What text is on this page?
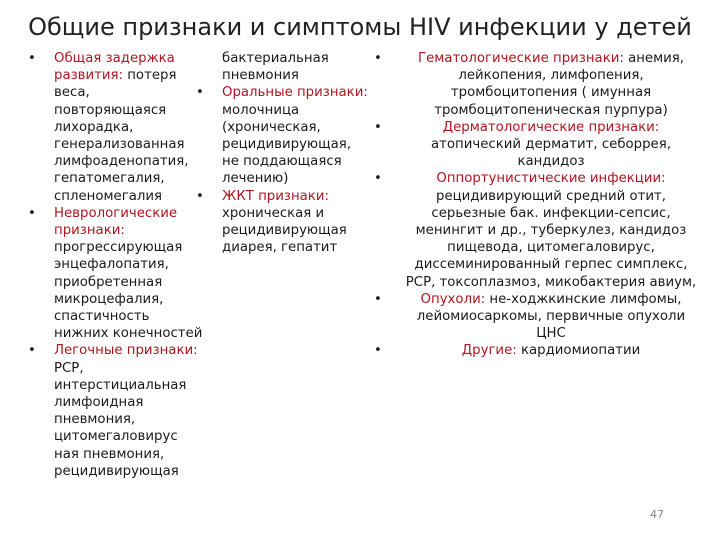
Общие признаки и симптомы HIV инфекции у детей
• Общая задержка развития: потеря веса, повторяющаяся лихорадка, генерализованная лимфоаденопатия, гепатомегалия, спленомегалия
• Неврологические признаки: прогрессирующая энцефалопатия, приобретенная микроцефалия, спастичность нижних конечностей
• Легочные признаки: РСР, интерстициальная лимфоидная пневмония, цитомегаловирус ная пневмония, рецидивирующая
бактериальная пневмония
• Оральные признаки: молочница (хроническая, рецидивирующая, не поддающаяся лечению)
• ЖКТ признаки: хроническая и рецидивирующая диарея, гепатит
• Гематологические признаки: анемия, лейкопения, лимфопения, тромбоцитопения ( имунная тромбоцитопеническая пурпура)
• Дерматологические признаки: атопический дерматит, себоррея, кандидоз
• Оппортунистические инфекции: рецидивирующий средний отит, серьезные бак. инфекции-сепсис, менингит и др., туберкулез, кандидоз пищевода, цитомегаловирус, диссеминированный герпес симплекс, РСР, токсоплазмоз, микобактерия авиум,
• Опухоли: не-ходжкинские лимфомы, лейомиосаркомы, первичные опухоли ЦНС
• Другие: кардиомиопатии
47
